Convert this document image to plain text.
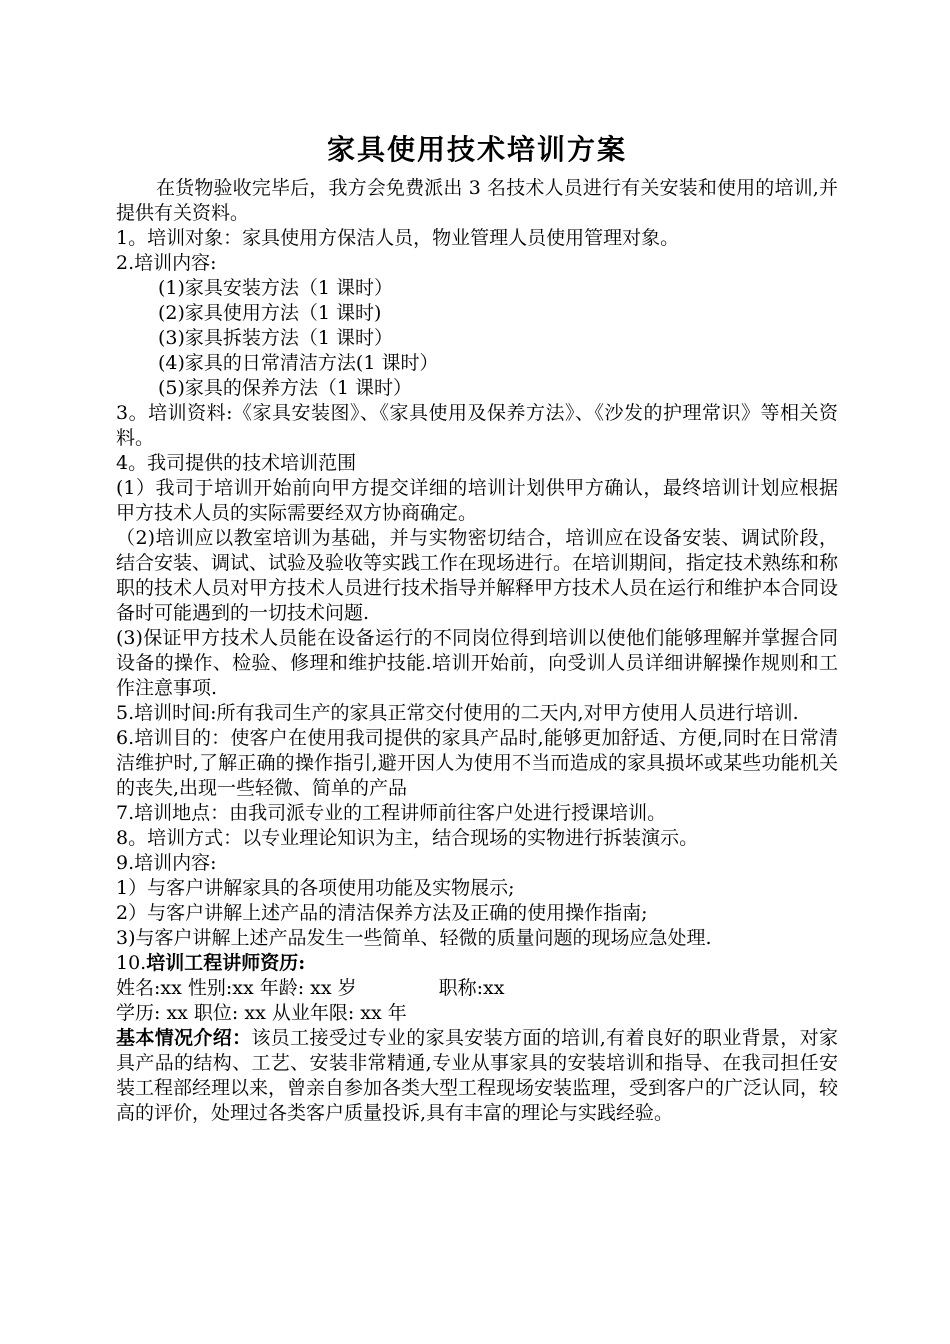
家具使用技术培训方案

在货物验收完毕后，我方会免费派出 3 名技术人员进行有关安装和使用的培训,并提供有关资料。

1。培训对象：家具使用方保洁人员，物业管理人员使用管理对象。

2.培训内容:

(1)家具安装方法（1 课时）

(2)家具使用方法（1 课时)

(3)家具拆装方法（1 课时）

(4)家具的日常清洁方法(1 课时）

(5)家具的保养方法（1 课时）

3。培训资料:《家具安装图》、《家具使用及保养方法》、《沙发的护理常识》等相关资料。

4。我司提供的技术培训范围

(1）我司于培训开始前向甲方提交详细的培训计划供甲方确认，最终培训计划应根据甲方技术人员的实际需要经双方协商确定。

（2)培训应以教室培训为基础，并与实物密切结合，培训应在设备安装、调试阶段，结合安装、调试、试验及验收等实践工作在现场进行。在培训期间，指定技术熟练和称职的技术人员对甲方技术人员进行技术指导并解释甲方技术人员在运行和维护本合同设备时可能遇到的一切技术问题.

(3)保证甲方技术人员能在设备运行的不同岗位得到培训以使他们能够理解并掌握合同设备的操作、检验、修理和维护技能.培训开始前，向受训人员详细讲解操作规则和工作注意事项.

5.培训时间:所有我司生产的家具正常交付使用的二天内,对甲方使用人员进行培训.

6.培训目的：使客户在使用我司提供的家具产品时,能够更加舒适、方便,同时在日常清洁维护时,了解正确的操作指引,避开因人为使用不当而造成的家具损坏或某些功能机关的丧失,出现一些轻微、简单的产品

7.培训地点：由我司派专业的工程讲师前往客户处进行授课培训。

8。培训方式：以专业理论知识为主，结合现场的实物进行拆装演示。

9.培训内容:

1）与客户讲解家具的各项使用功能及实物展示;

2）与客户讲解上述产品的清洁保养方法及正确的使用操作指南;

3)与客户讲解上述产品发生一些简单、轻微的质量问题的现场应急处理.

10.培训工程讲师资历:

姓名:xx 性别:xx 年龄: xx 岁	职称:xx

学历: xx 职位: xx 从业年限: xx 年

基本情况介绍：该员工接受过专业的家具安装方面的培训,有着良好的职业背景，对家具产品的结构、工艺、安装非常精通,专业从事家具的安装培训和指导、在我司担任安装工程部经理以来，曾亲自参加各类大型工程现场安装监理，受到客户的广泛认同，较高的评价，处理过各类客户质量投诉,具有丰富的理论与实践经验。
